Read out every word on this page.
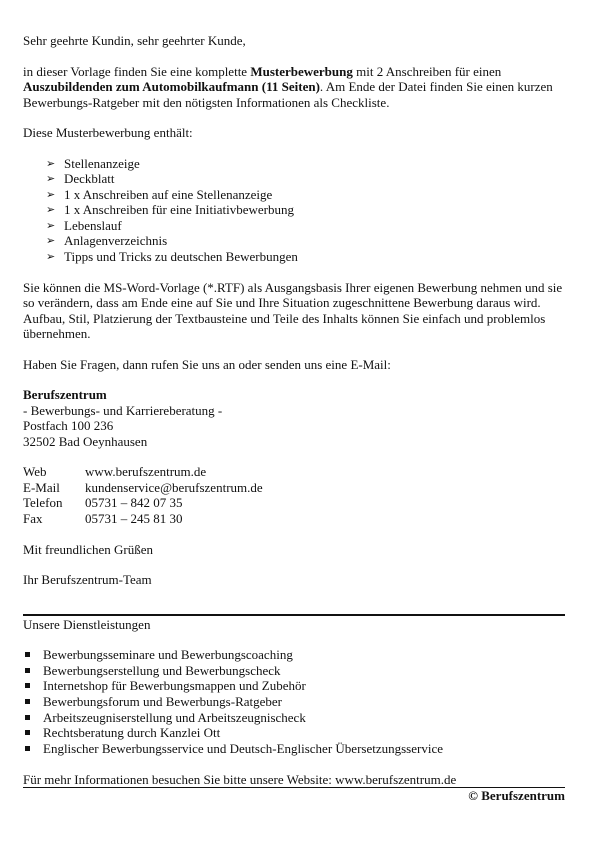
Sehr geehrte Kundin, sehr geehrter Kunde,

in dieser Vorlage finden Sie eine komplette Musterbewerbung mit 2 Anschreiben für einen Auszubildenden zum Automobilkaufmann (11 Seiten). Am Ende der Datei finden Sie einen kurzen Bewerbungs-Ratgeber mit den nötigsten Informationen als Checkliste.

Diese Musterbewerbung enthält:

➢ Stellenanzeige
➢ Deckblatt
➢ 1 x Anschreiben auf eine Stellenanzeige
➢ 1 x Anschreiben für eine Initiativbewerbung
➢ Lebenslauf
➢ Anlagenverzeichnis
➢ Tipps und Tricks zu deutschen Bewerbungen

Sie können die MS-Word-Vorlage (*.RTF) als Ausgangsbasis Ihrer eigenen Bewerbung nehmen und sie so verändern, dass am Ende eine auf Sie und Ihre Situation zugeschnittene Bewerbung daraus wird. Aufbau, Stil, Platzierung der Textbausteine und Teile des Inhalts können Sie einfach und problemlos übernehmen.

Haben Sie Fragen, dann rufen Sie uns an oder senden uns eine E-Mail:

Berufszentrum

- Bewerbungs- und Karriereberatung -

Postfach 100 236

32502 Bad Oeynhausen

Web	www.berufszentrum.de
E-Mail	kundenservice@berufszentrum.de
Telefon	05731 – 842 07 35
Fax	05731 – 245 81 30

Mit freundlichen Grüßen

Ihr Berufszentrum-Team

Unsere Dienstleistungen

Bewerbungsseminare und Bewerbungscoaching
Bewerbungserstellung und Bewerbungscheck
Internetshop für Bewerbungsmappen und Zubehör
Bewerbungsforum und Bewerbungs-Ratgeber
Arbeitszeugniserstellung und Arbeitszeugnischeck
Rechtsberatung durch Kanzlei Ott
Englischer Bewerbungsservice und Deutsch-Englischer Übersetzungsservice

Für mehr Informationen besuchen Sie bitte unsere Website: www.berufszentrum.de

© Berufszentrum
